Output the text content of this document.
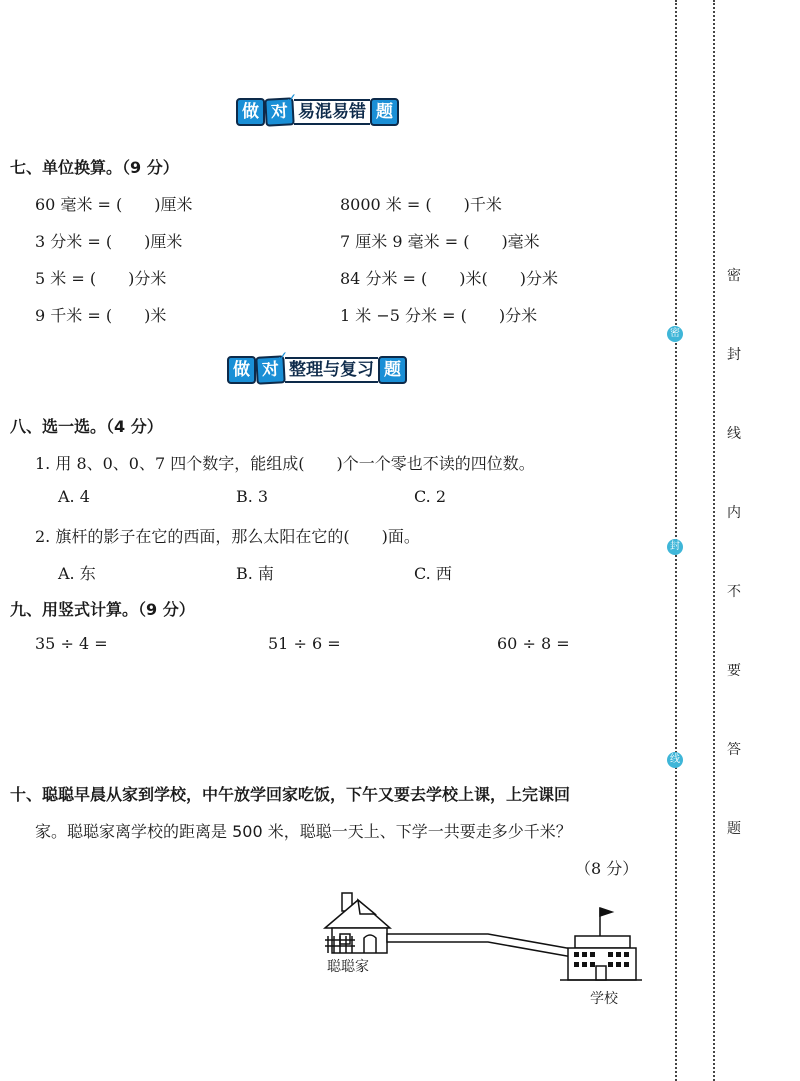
做 对
✓
易混易错 题
七、单位换算。（9 分）
60 毫米 = (　　)厘米	8000 米 = (　　)千米
3 分米 = (　　)厘米	7 厘米 9 毫米 = (　　)毫米
5 米 = (　　)分米	84 分米 = (　　)米(　　)分米
9 千米 = (　　)米	1 米 −5 分米 = (　　)分米
做 对
✓
整理与复习 题
八、选一选。（4 分）
1. 用 8、0、0、7 四个数字，能组成(　　)个一个零也不读的四位数。
A. 4	B. 3	C. 2
2. 旗杆的影子在它的西面，那么太阳在它的(　　)面。
A. 东	B. 南	C. 西
九、用竖式计算。（9 分）
35 ÷ 4 =	51 ÷ 6 =	60 ÷ 8 =
十、聪聪早晨从家到学校，中午放学回家吃饭，下午又要去学校上课，上完课回
家。聪聪家离学校的距离是 500 米，聪聪一天上、下学一共要走多少千米？
（8 分）
聪聪家
学校
密
封
线
密
封
线
内
不
要
答
题
